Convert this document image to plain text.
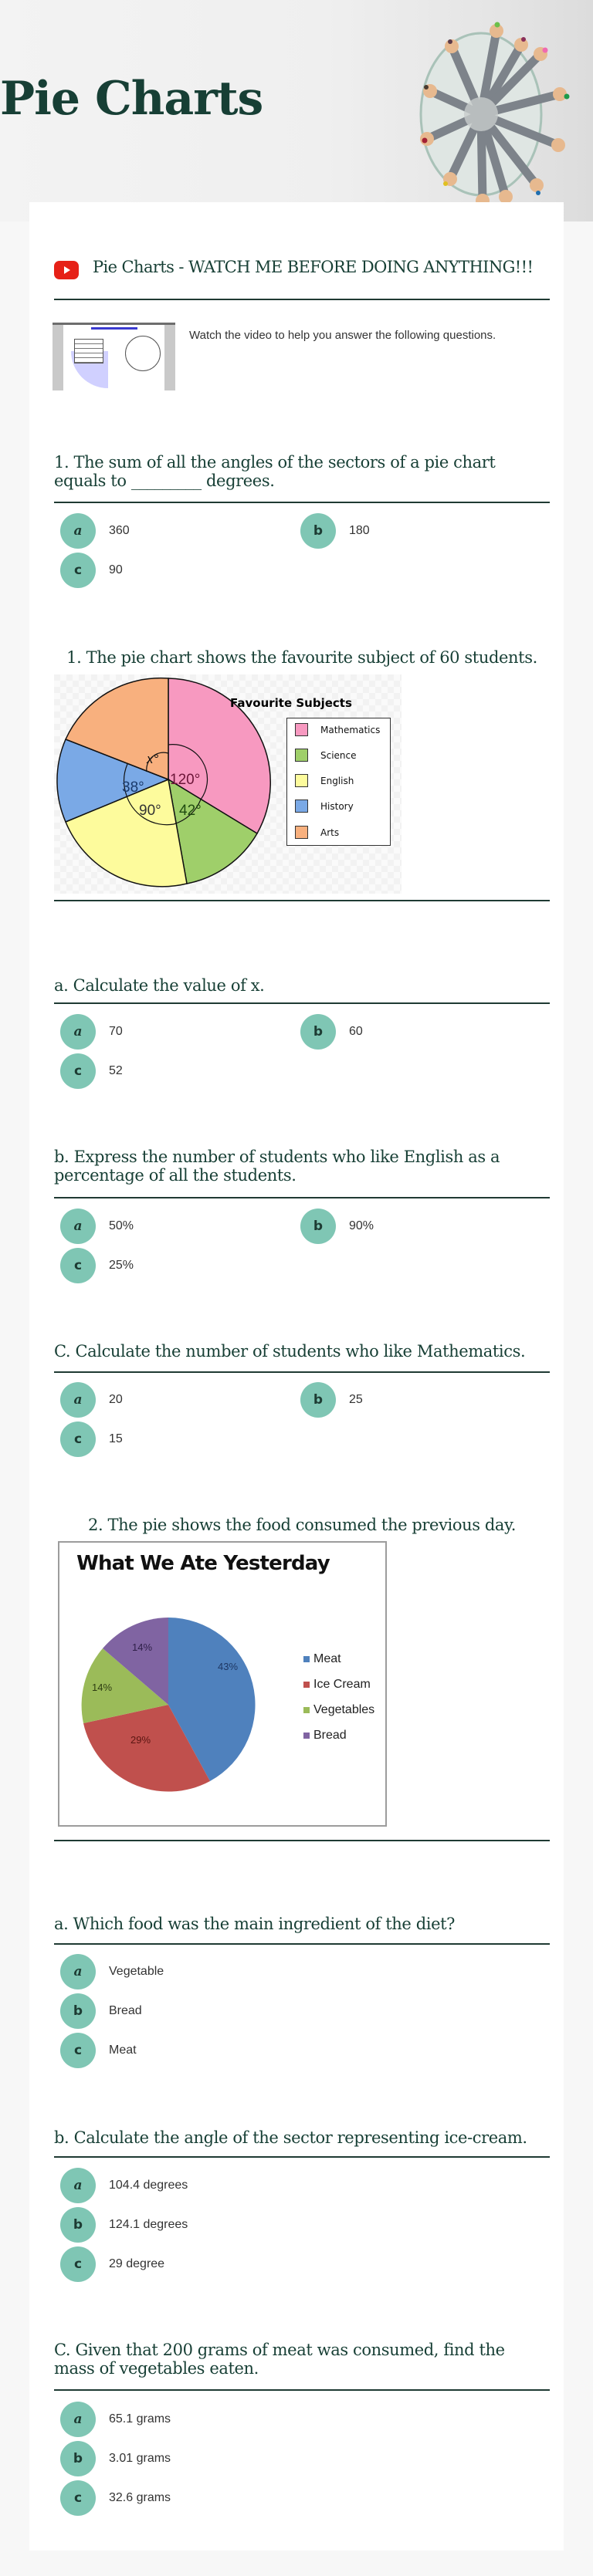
Pie Charts
Pie Charts - WATCH ME BEFORE DOING ANYTHING!!!
Watch the video to help you answer the following questions.
1. The sum of all the angles of the sectors of a pie chart equals to _________ degrees.
a	360	b	180
c	90
1. The pie chart shows the favourite subject of 60 students.
120°
42°
90°
38°
x°
Favourite Subjects
Mathematics
Science
English
History
Arts
a. Calculate the value of x.
a	70	b	60
c	52
b. Express the number of students who like English as a percentage of all the students.
a	50%	b	90%
c	25%
C. Calculate the number of students who like Mathematics.
a	20	b	25
c	15
2. The pie shows the food consumed the previous day.
What We Ate Yesterday
43%
29%
14%
14%
Meat
Ice Cream
Vegetables
Bread
a. Which food was the main ingredient of the diet?
a	Vegetable
b	Bread
c	Meat
b. Calculate the angle of the sector representing ice-cream.
a	104.4 degrees
b	124.1 degrees
c	29 degree
C. Given that 200 grams of meat was consumed, find the mass of vegetables eaten.
a	65.1 grams
b	3.01 grams
c	32.6 grams
